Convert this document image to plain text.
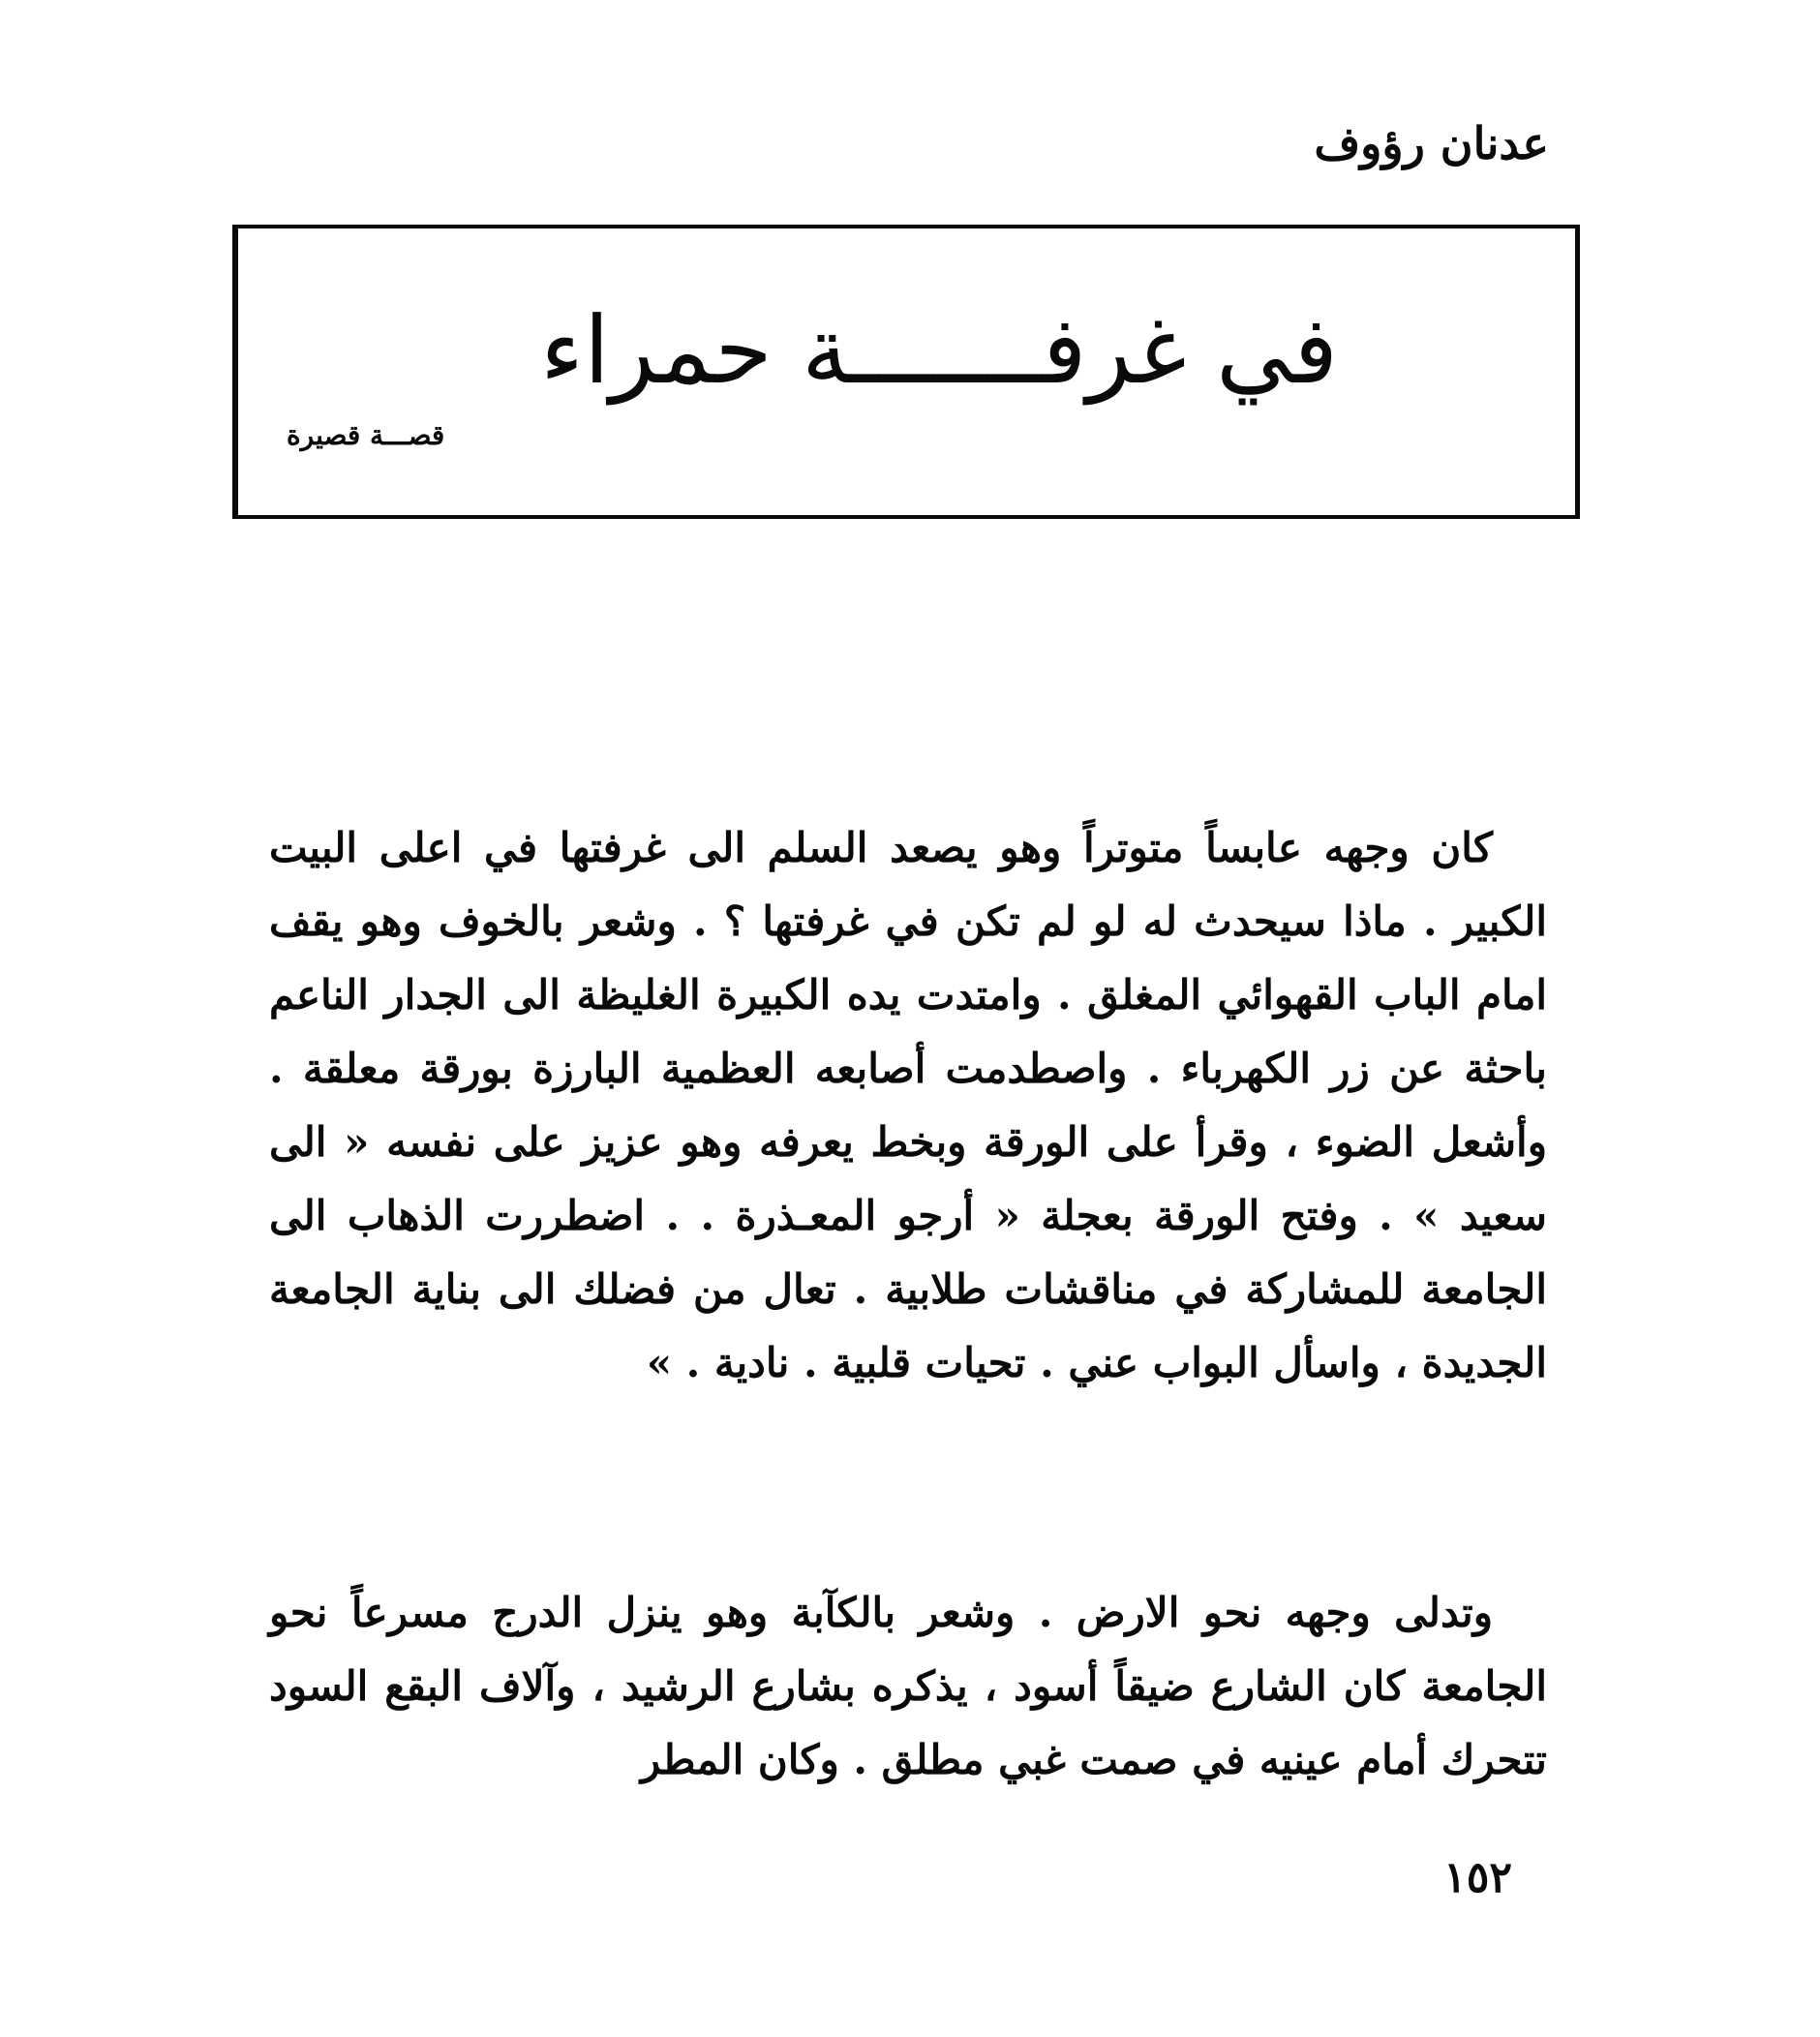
عدنان رؤوف
في غرفـــــــة حمراء
قصـــة قصيرة

كان وجهه عابساً متوتراً وهو يصعد السلم الى غرفتها في اعلى البيت الكبير . ماذا سيحدث له لو لم تكن في غرفتها ؟ . وشعر بالخوف وهو يقف امام الباب القهوائي المغلق . وامتدت يده الكبيرة الغليظة الى الجدار الناعم باحثة عن زر الكهرباء . واصطدمت أصابعه العظمية البارزة بورقة معلقة . وأشعل الضوء ، وقرأ على الورقة وبخط يعرفه وهو عزيز على نفسه « الى سعيد » . وفتح الورقة بعجلة « أرجو المعـذرة . . اضطررت الذهاب الى الجامعة للمشاركة في مناقشات طلابية . تعال من فضلك الى بناية الجامعة الجديدة ، واسأل البواب عني . تحيات قلبية . نادية . »

وتدلى وجهه نحو الارض . وشعر بالكآبة وهو ينزل الدرج مسرعاً نحو الجامعة كان الشارع ضيقاً أسود ، يذكره بشارع الرشيد ، وآلاف البقع السود تتحرك أمام عينيه في صمت غبي مطلق . وكان المطر

١٥٢
